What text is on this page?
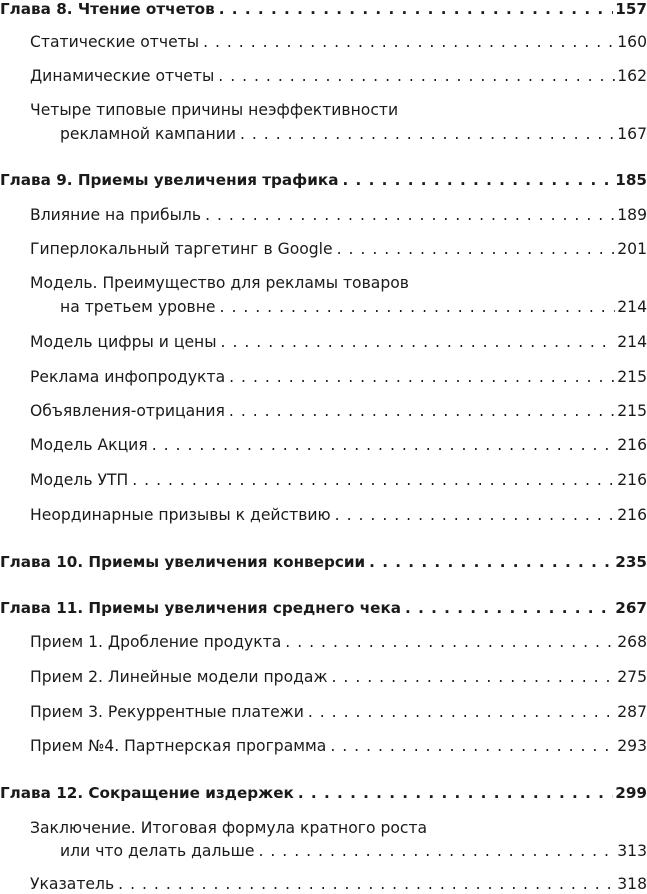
Глава 8. Чтение отчетов . . .	157
Статические отчеты . . .	160
Динамические отчеты . . .	162
Четыре типовые причины неэффективности
рекламной кампании . . .	167
Глава 9. Приемы увеличения трафика . . .	185
Влияние на прибыль . . .	189
Гиперлокальный таргетинг в Google . . .	201
Модель. Преимущество для рекламы товаров
на третьем уровне . . .	214
Модель цифры и цены . . .	214
Реклама инфопродукта . . .	215
Объявления-отрицания . . .	215
Модель Акция . . .	216
Модель УТП . . .	216
Неординарные призывы к действию . . .	216
Глава 10. Приемы увеличения конверсии . . .	235
Глава 11. Приемы увеличения среднего чека . . .	267
Прием 1. Дробление продукта . . .	268
Прием 2. Линейные модели продаж . . .	275
Прием 3. Рекуррентные платежи . . .	287
Прием №4. Партнерская программа . . .	293
Глава 12. Сокращение издержек . . .	299
Заключение. Итоговая формула кратного роста
или что делать дальше . . .	313
Указатель . . .	318
